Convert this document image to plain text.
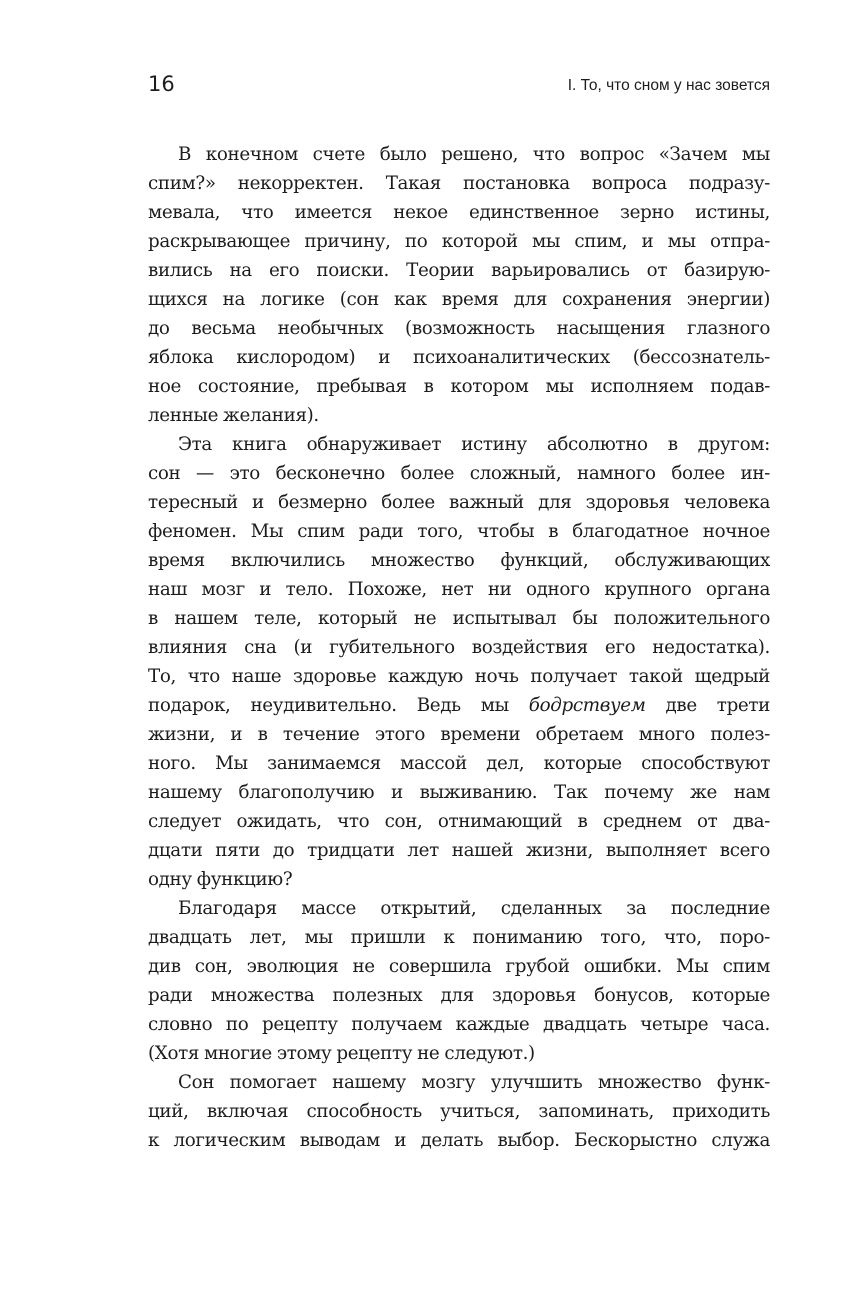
16	I. То, что сном у нас зовется
В конечном счете было решено, что вопрос «Зачем мы
спим?» некорректен. Такая постановка вопроса подразу-
мевала, что имеется некое единственное зерно истины,
раскрывающее причину, по которой мы спим, и мы отпра-
вились на его поиски. Теории варьировались от базирую-
щихся на логике (сон как время для сохранения энергии)
до весьма необычных (возможность насыщения глазного
яблока кислородом) и психоаналитических (бессознатель-
ное состояние, пребывая в котором мы исполняем подав-
ленные желания).
Эта книга обнаруживает истину абсолютно в другом:
сон — это бесконечно более сложный, намного более ин-
тересный и безмерно более важный для здоровья человека
феномен. Мы спим ради того, чтобы в благодатное ночное
время включились множество функций, обслуживающих
наш мозг и тело. Похоже, нет ни одного крупного органа
в нашем теле, который не испытывал бы положительного
влияния сна (и губительного воздействия его недостатка).
То, что наше здоровье каждую ночь получает такой щедрый
подарок, неудивительно. Ведь мы бодрствуем две трети
жизни, и в течение этого времени обретаем много полез-
ного. Мы занимаемся массой дел, которые способствуют
нашему благополучию и выживанию. Так почему же нам
следует ожидать, что сон, отнимающий в среднем от два-
дцати пяти до тридцати лет нашей жизни, выполняет всего
одну функцию?
Благодаря массе открытий, сделанных за последние
двадцать лет, мы пришли к пониманию того, что, поро-
див сон, эволюция не совершила грубой ошибки. Мы спим
ради множества полезных для здоровья бонусов, которые
словно по рецепту получаем каждые двадцать четыре часа.
(Хотя многие этому рецепту не следуют.)
Сон помогает нашему мозгу улучшить множество функ-
ций, включая способность учиться, запоминать, приходить
к логическим выводам и делать выбор. Бескорыстно служа
